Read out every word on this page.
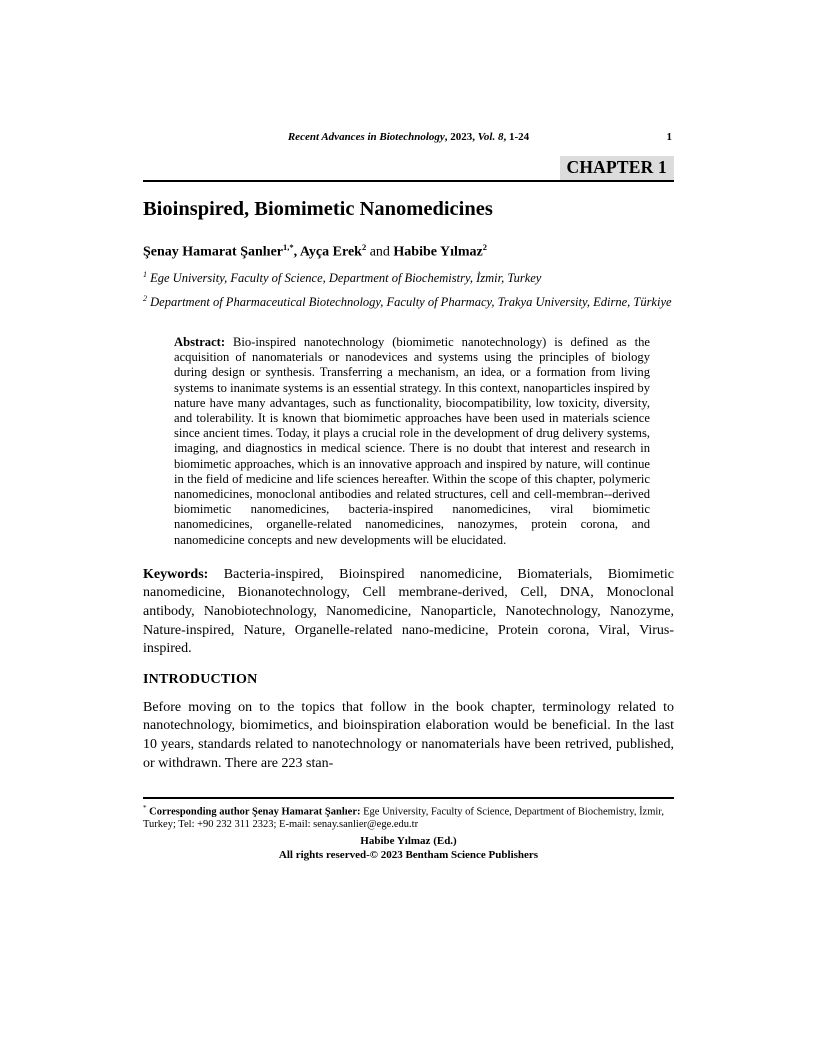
Recent Advances in Biotechnology, 2023, Vol. 8, 1-24	1
CHAPTER 1
Bioinspired, Biomimetic Nanomedicines

Şenay Hamarat Şanlıer$^{1,*}$, Ayça Erek$^2$ and Habibe Yılmaz$^2$

$^1$ Ege University, Faculty of Science, Department of Biochemistry, İzmir, Turkey

$^2$ Department of Pharmaceutical Biotechnology, Faculty of Pharmacy, Trakya University, Edirne, Türkiye

Abstract: Bio-inspired nanotechnology (biomimetic nanotechnology) is defined as the acquisition of nanomaterials or nanodevices and systems using the principles of biology during design or synthesis. Transferring a mechanism, an idea, or a formation from living systems to inanimate systems is an essential strategy. In this context, nanoparticles inspired by nature have many advantages, such as functionality, biocompatibility, low toxicity, diversity, and tolerability. It is known that biomimetic approaches have been used in materials science since ancient times. Today, it plays a crucial role in the development of drug delivery systems, imaging, and diagnostics in medical science. There is no doubt that interest and research in biomimetic approaches, which is an innovative approach and inspired by nature, will continue in the field of medicine and life sciences hereafter. Within the scope of this chapter, polymeric nanomedicines, monoclonal antibodies and related structures, cell and cell-membran--derived biomimetic nanomedicines, bacteria-inspired nanomedicines, viral biomimetic nanomedicines, organelle-related nanomedicines, nanozymes, protein corona, and nanomedicine concepts and new developments will be elucidated.

Keywords: Bacteria-inspired, Bioinspired nanomedicine, Biomaterials, Biomimetic nanomedicine, Bionanotechnology, Cell membrane-derived, Cell, DNA, Monoclonal antibody, Nanobiotechnology, Nanomedicine, Nanoparticle, Nanotechnology, Nanozyme, Nature-inspired, Nature, Organelle-related nano-medicine, Protein corona, Viral, Virus-inspired.

INTRODUCTION

Before moving on to the topics that follow in the book chapter, terminology related to nanotechnology, biomimetics, and bioinspiration elaboration would be beneficial. In the last 10 years, standards related to nanotechnology or nanomaterials have been retrived, published, or withdrawn. There are 223 stan-

* Corresponding author Şenay Hamarat Şanlıer: Ege University, Faculty of Science, Department of Biochemistry, İzmir, Turkey; Tel: +90 232 311 2323; E-mail: senay.sanlier@ege.edu.tr

Habibe Yılmaz (Ed.)

All rights reserved-© 2023 Bentham Science Publishers
